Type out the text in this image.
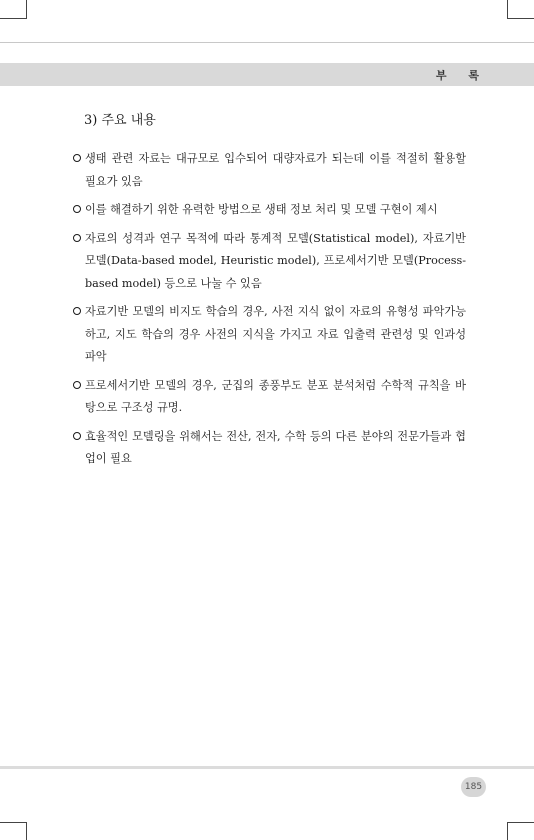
부 록
3) 주요 내용
생태 관련 자료는 대규모로 입수되어 대량자료가 되는데 이를 적절히 활용할 필요가 있음
이를 해결하기 위한 유력한 방법으로 생태 정보 처리 및 모델 구현이 제시
자료의 성격과 연구 목적에 따라 통계적 모델(Statistical model), 자료기반 모델(Data-based model, Heuristic model), 프로세서기반 모델(Process-based model) 등으로 나눌 수 있음
자료기반 모델의 비지도 학습의 경우, 사전 지식 없이 자료의 유형성 파악가능하고, 지도 학습의 경우 사전의 지식을 가지고 자료 입출력 관련성 및 인과성 파악
프로세서기반 모델의 경우, 군집의 종풍부도 분포 분석처럼 수학적 규칙을 바탕으로 구조성 규명.
효율적인 모델링을 위해서는 전산, 전자, 수학 등의 다른 분야의 전문가들과 협업이 필요
185
